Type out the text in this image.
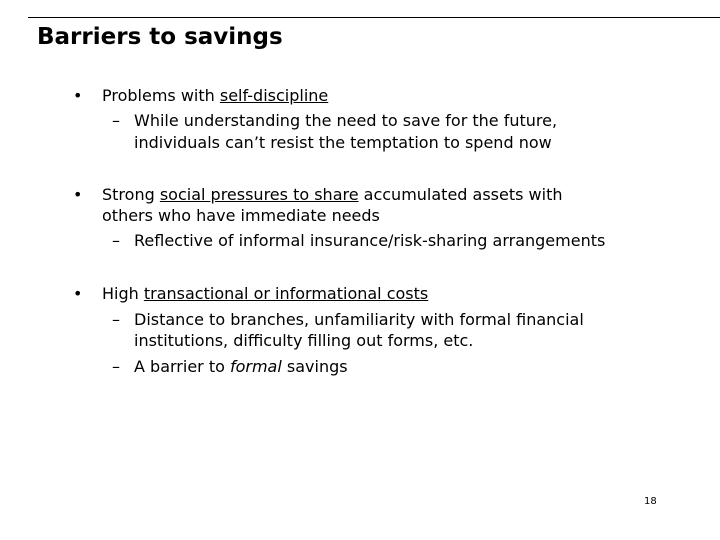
Barriers to savings
• Problems with self-discipline
– While understanding the need to save for the future,
individuals can’t resist the temptation to spend now
• Strong social pressures to share accumulated assets with
others who have immediate needs
– Reflective of informal insurance/risk-sharing arrangements
• High transactional or informational costs
– Distance to branches, unfamiliarity with formal financial
institutions, difficulty filling out forms, etc.
– A barrier to formal savings
18
